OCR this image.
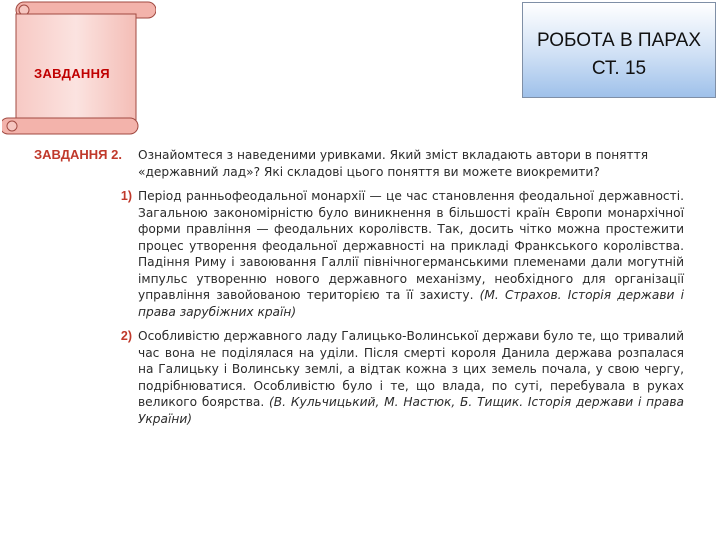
ЗАВДАННЯ
РОБОТА В ПАРАХ
СТ. 15
ЗАВДАННЯ 2.	Ознайомтеся з наведеними уривками. Який зміст вкладають автори в поняття «державний лад»? Які складові цього поняття ви можете виокремити?
1) Період ранньофеодальної монархії — це час становлення феодальної державності. Загальною закономірністю було виникнення в більшості країн Європи монархічної форми правління — феодальних королівств. Так, досить чітко можна простежити процес утворення феодальної державності на прикладі Франкського королівства. Падіння Риму і завоювання Галлії північногерманськими племенами дали могутній імпульс утворенню нового державного механізму, необхідного для організації управління завойованою територією та її захисту. (М. Страхов. Історія держави і права зарубіжних країн)
2) Особливістю державного ладу Галицько-Волинської держави було те, що тривалий час вона не поділялася на уділи. Після смерті короля Данила держава розпалася на Галицьку і Волинську землі, а відтак кожна з цих земель почала, у свою чергу, подрібнюватися. Особливістю було і те, що влада, по суті, перебувала в руках великого боярства. (В. Кульчицький, М. Настюк, Б. Тищик. Історія держави і права України)
